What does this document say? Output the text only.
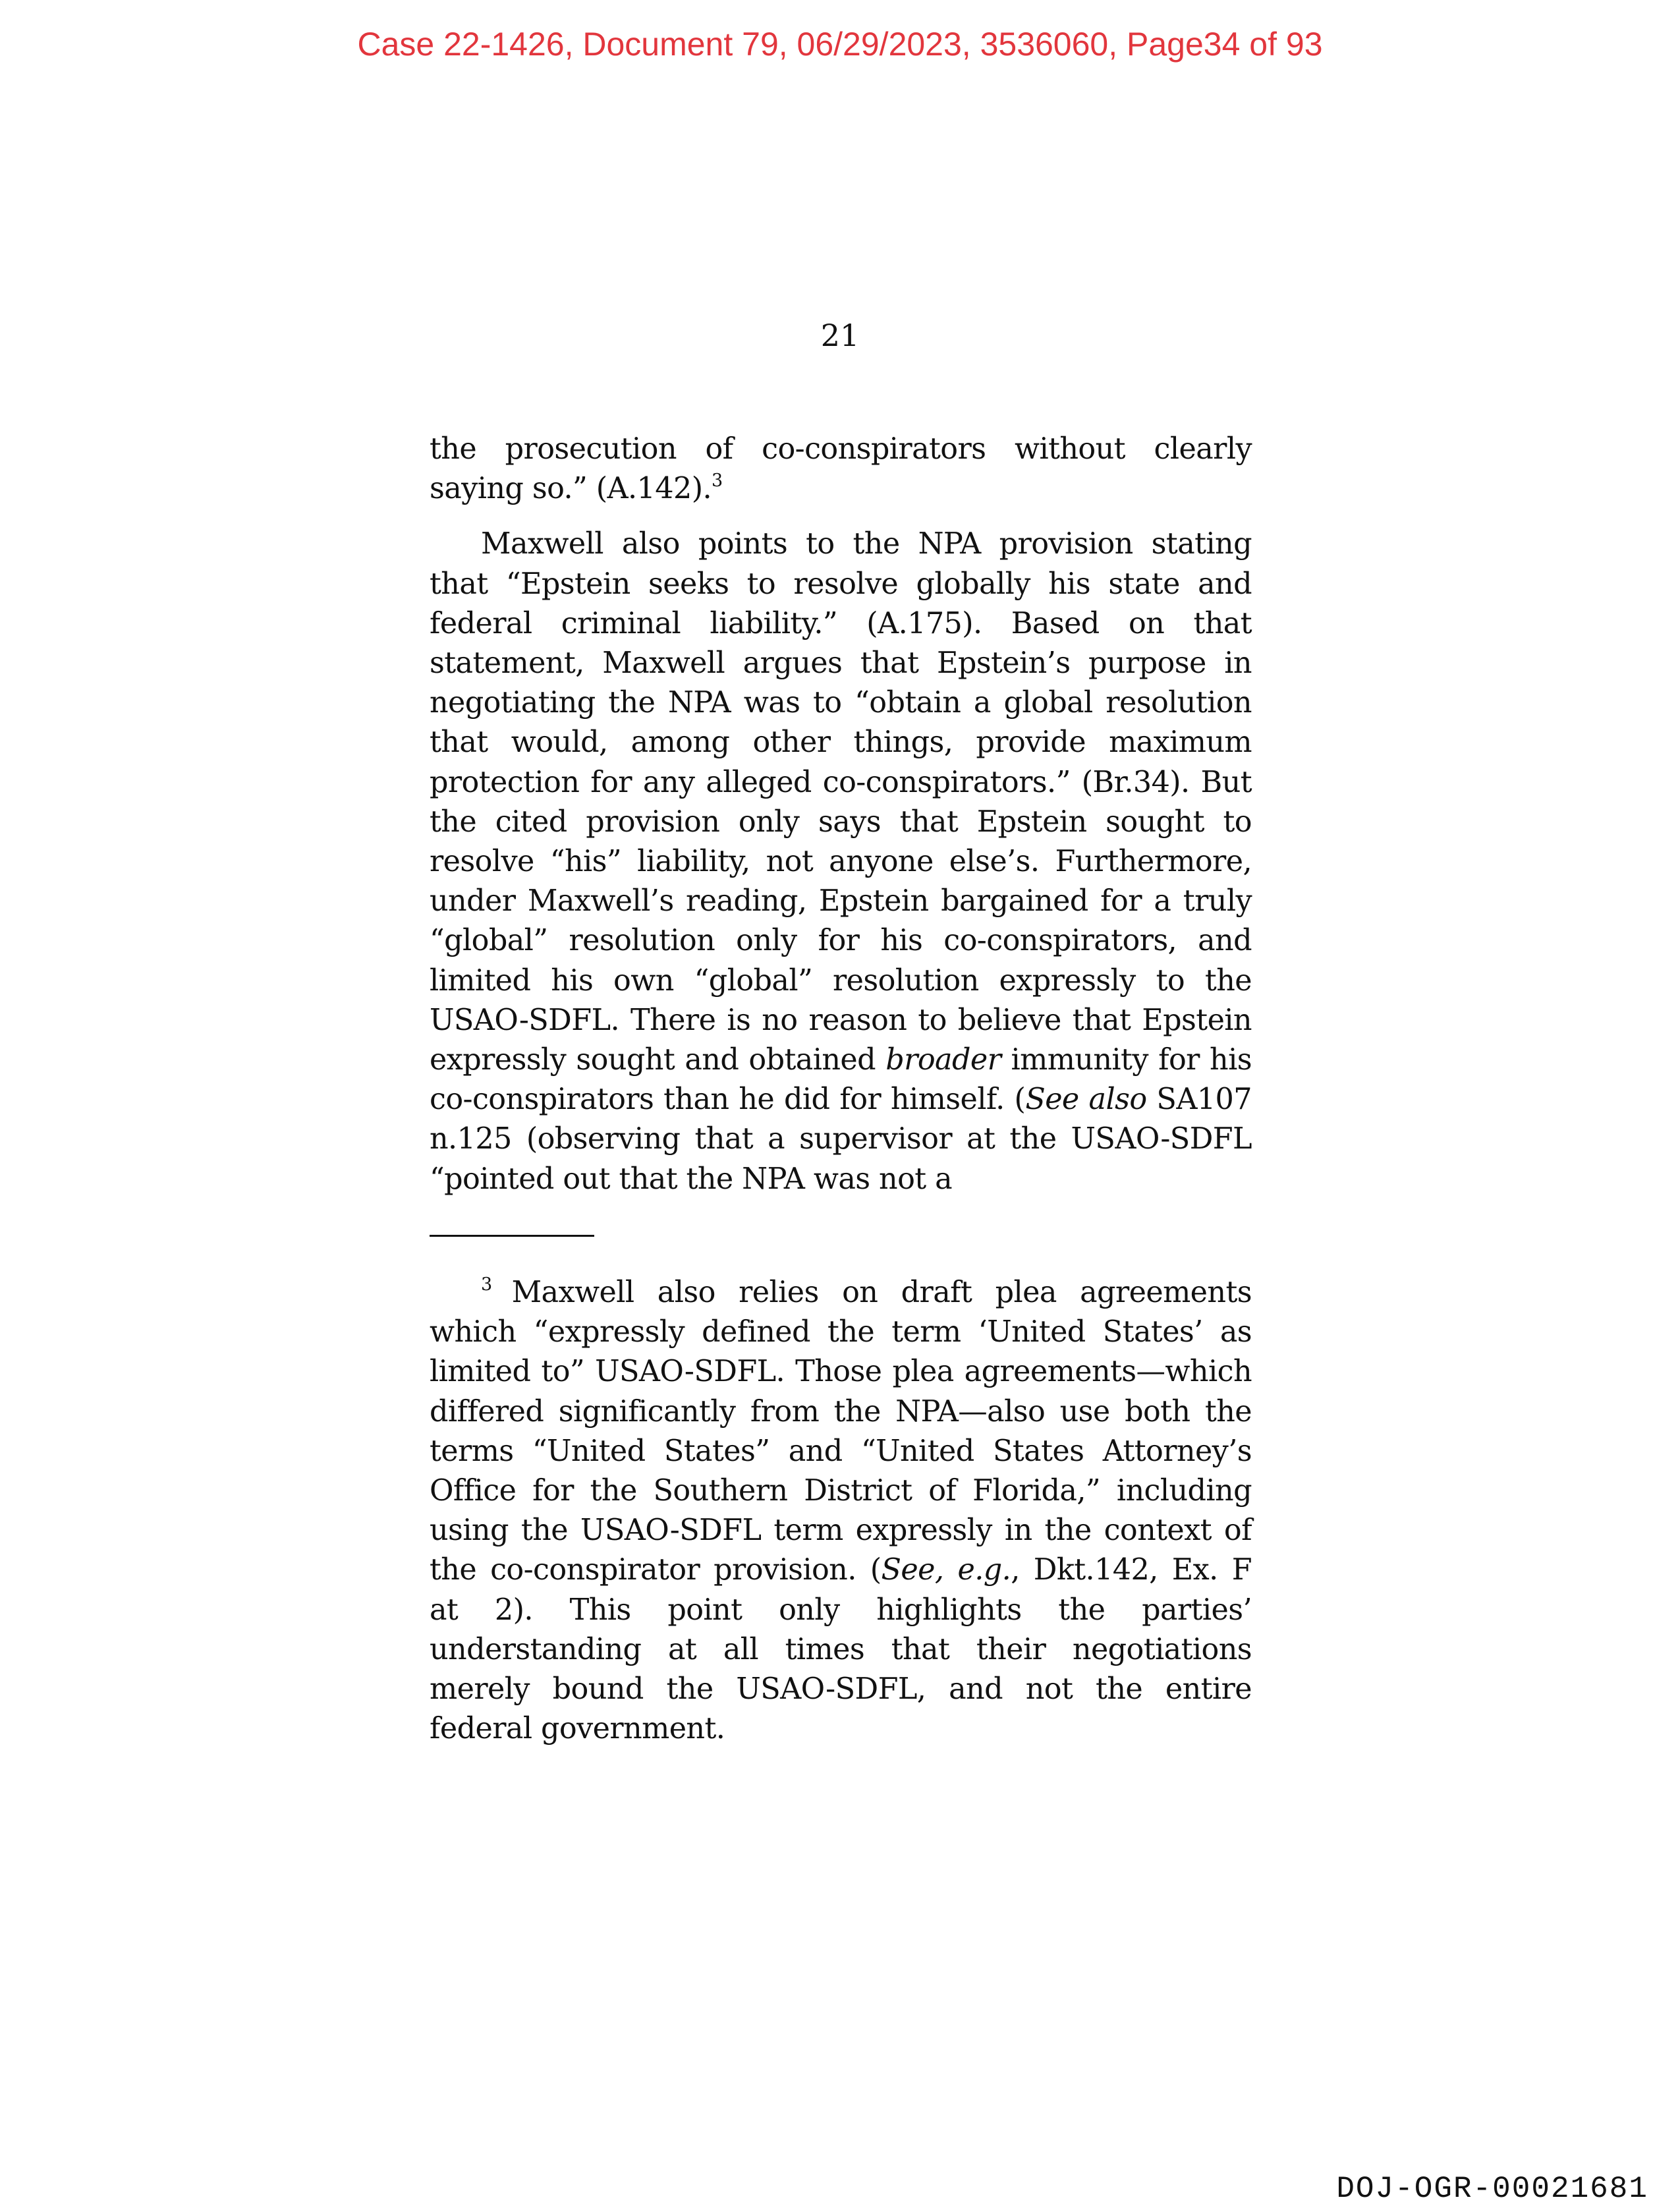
Case 22-1426, Document 79, 06/29/2023, 3536060, Page34 of 93
21

the prosecution of co-conspirators without clearly saying so.” (A.142).$^3$

Maxwell also points to the NPA provision stating that “Epstein seeks to resolve globally his state and federal criminal liability.” (A.175). Based on that statement, Maxwell argues that Epstein’s purpose in negotiating the NPA was to “obtain a global resolution that would, among other things, provide maximum protection for any alleged co-conspirators.” (Br.34). But the cited provision only says that Epstein sought to resolve “his” liability, not anyone else’s. Furthermore, under Maxwell’s reading, Epstein bargained for a truly “global” resolution only for his co-conspirators, and limited his own “global” resolution expressly to the USAO-SDFL. There is no reason to believe that Epstein expressly sought and obtained broader immunity for his co-conspirators than he did for himself. (See also SA107 n.125 (observing that a supervisor at the USAO-SDFL “pointed out that the NPA was not a

$^3$ Maxwell also relies on draft plea agreements which “expressly defined the term ‘United States’ as limited to” USAO-SDFL. Those plea agreements—which differed significantly from the NPA—also use both the terms “United States” and “United States Attorney’s Office for the Southern District of Florida,” including using the USAO-SDFL term expressly in the context of the co-conspirator provision. (See, e.g., Dkt.142, Ex. F at 2). This point only highlights the parties’ understanding at all times that their negotiations merely bound the USAO-SDFL, and not the entire federal government.

DOJ-OGR-00021681
